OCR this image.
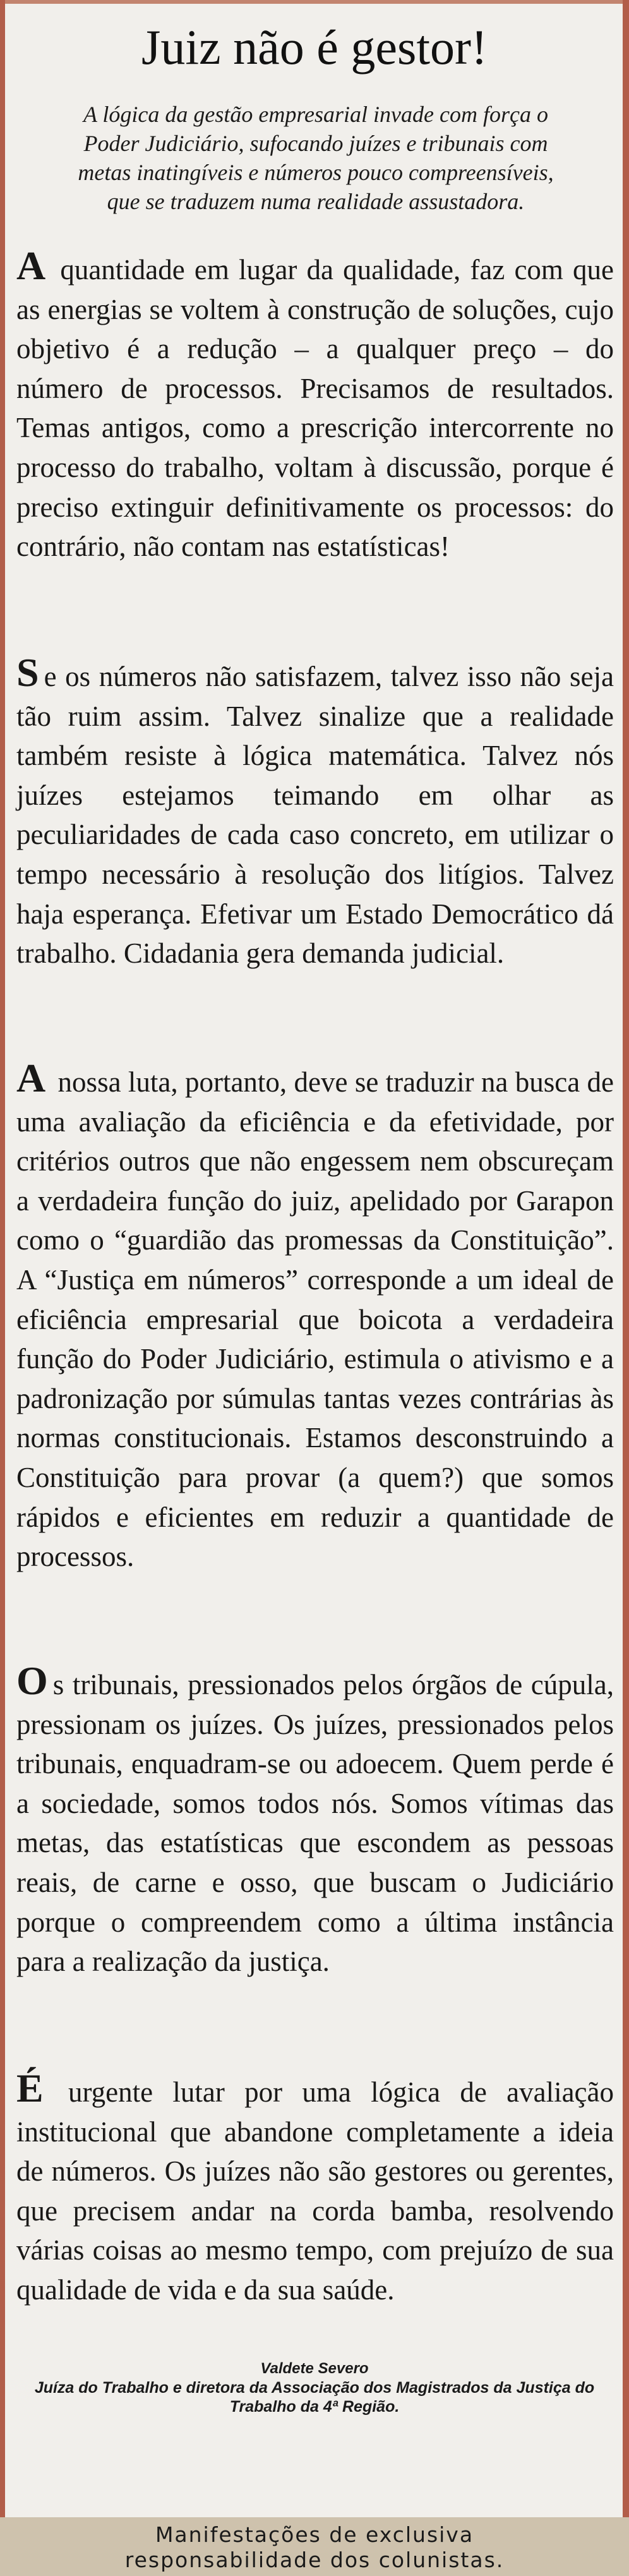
Juiz não é gestor!

A lógica da gestão empresarial invade com força o Poder Judiciário, sufocando juízes e tribunais com metas inatingíveis e números pouco compreensíveis, que se traduzem numa realidade assustadora.

A quantidade em lugar da qualidade, faz com que as energias se voltem à construção de soluções, cujo objetivo é a redução – a qualquer preço – do número de processos. Precisamos de resultados. Temas antigos, como a prescrição intercorrente no processo do trabalho, voltam à discussão, porque é preciso extinguir definitivamente os processos: do contrário, não contam nas estatísticas!

S e os números não satisfazem, talvez isso não seja tão ruim assim. Talvez sinalize que a realidade também resiste à lógica matemática. Talvez nós juízes estejamos teimando em olhar as peculiaridades de cada caso concreto, em utilizar o tempo necessário à resolução dos litígios. Talvez haja esperança. Efetivar um Estado Democrático dá trabalho. Cidadania gera demanda judicial.

A nossa luta, portanto, deve se traduzir na busca de uma avaliação da eficiência e da efetividade, por critérios outros que não engessem nem obscureçam a verdadeira função do juiz, apelidado por Garapon como o “guardião das promessas da Constituição”. A “Justiça em números” corresponde a um ideal de eficiência empresarial que boicota a verdadeira função do Poder Judiciário, estimula o ativismo e a padronização por súmulas tantas vezes contrárias às normas constitucionais. Estamos desconstruindo a Constituição para provar (a quem?) que somos rápidos e eficientes em reduzir a quantidade de processos.

O s tribunais, pressionados pelos órgãos de cúpula, pressionam os juízes. Os juízes, pressionados pelos tribunais, enquadram-se ou adoecem. Quem perde é a sociedade, somos todos nós. Somos vítimas das metas, das estatísticas que escondem as pessoas reais, de carne e osso, que buscam o Judiciário porque o compreendem como a última instância para a realização da justiça.

É urgente lutar por uma lógica de avaliação institucional que abandone completamente a ideia de números. Os juízes não são gestores ou gerentes, que precisem andar na corda bamba, resolvendo várias coisas ao mesmo tempo, com prejuízo de sua qualidade de vida e da sua saúde.

Valdete Severo
Juíza do Trabalho e diretora da Associação dos Magistrados da Justiça do Trabalho da 4ª Região.
Manifestações de exclusiva
responsabilidade dos colunistas.
